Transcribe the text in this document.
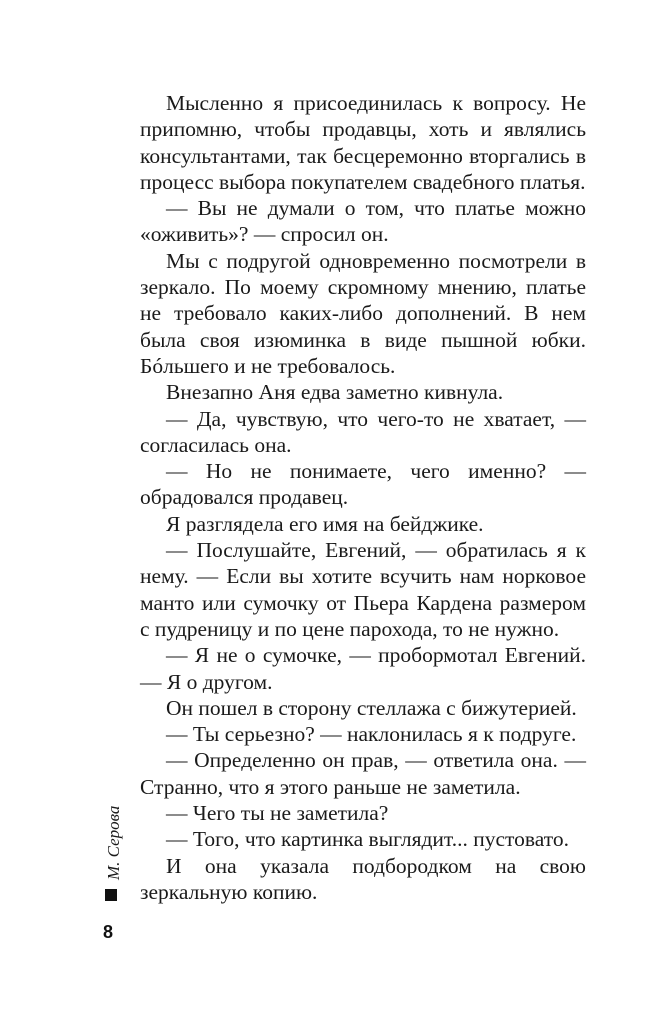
Мысленно я присоединилась к вопросу. Не припомню, чтобы продавцы, хоть и являлись консультантами, так бесцеремонно вторгались в процесс выбора покупателем свадебного платья.

— Вы не думали о том, что платье можно «оживить»? — спросил он.

Мы с подругой одновременно посмотрели в зеркало. По моему скромному мнению, платье не требовало каких-либо дополнений. В нем была своя изюминка в виде пышной юбки. Бóльшего и не требовалось.

Внезапно Аня едва заметно кивнула.

— Да, чувствую, что чего-то не хватает, — согласилась она.

— Но не понимаете, чего именно? — обрадовался продавец.

Я разглядела его имя на бейджике.

— Послушайте, Евгений, — обратилась я к нему. — Если вы хотите всучить нам норковое манто или сумочку от Пьера Кардена размером с пудреницу и по цене парохода, то не нужно.

— Я не о сумочке, — пробормотал Евгений. — Я о другом.

Он пошел в сторону стеллажа с бижутерией.

— Ты серьезно? — наклонилась я к подруге.

— Определенно он прав, — ответила она. — Странно, что я этого раньше не заметила.

— Чего ты не заметила?

— Того, что картинка выглядит... пустовато.

И она указала подбородком на свою зеркальную копию.

М. Серова
8
